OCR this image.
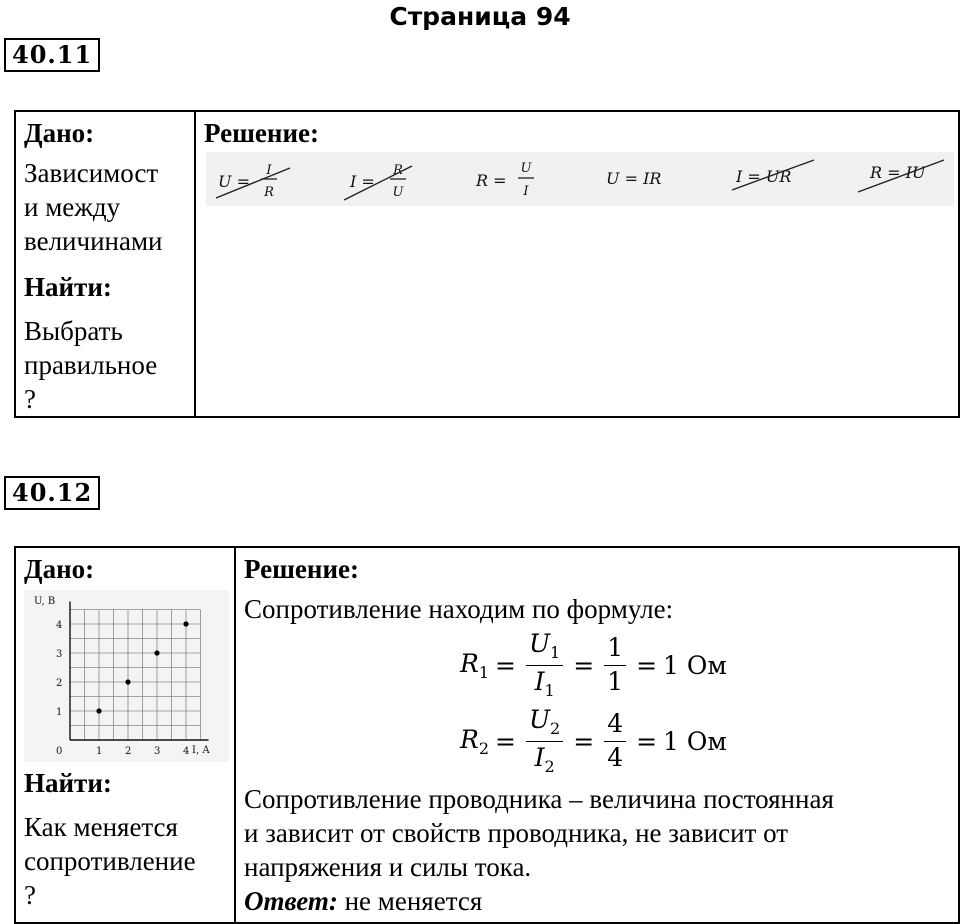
Страница 94
40.11
Дано:
Зависимост
и между
величинами
Найти:
Выбрать
правильное
?
Решение:
U =
I
R
I =
R
U
R =
U
I
U = IR	I = UR	R = IU
40.12
Дано:
0	1 2 3 4
1
2
3
4
U, В
I, А
Найти:
Как меняется
сопротивление
?
Решение:
Сопротивление находим по формуле:
$R_1 = \frac{U_1}{I_1} = \frac{1}{1} = 1$ Ом
$R_2 = \frac{U_2}{I_2} = \frac{4}{4} = 1$ Ом
Сопротивление проводника – величина постоянная
и зависит от свойств проводника, не зависит от
напряжения и силы тока.
Ответ: не меняется
